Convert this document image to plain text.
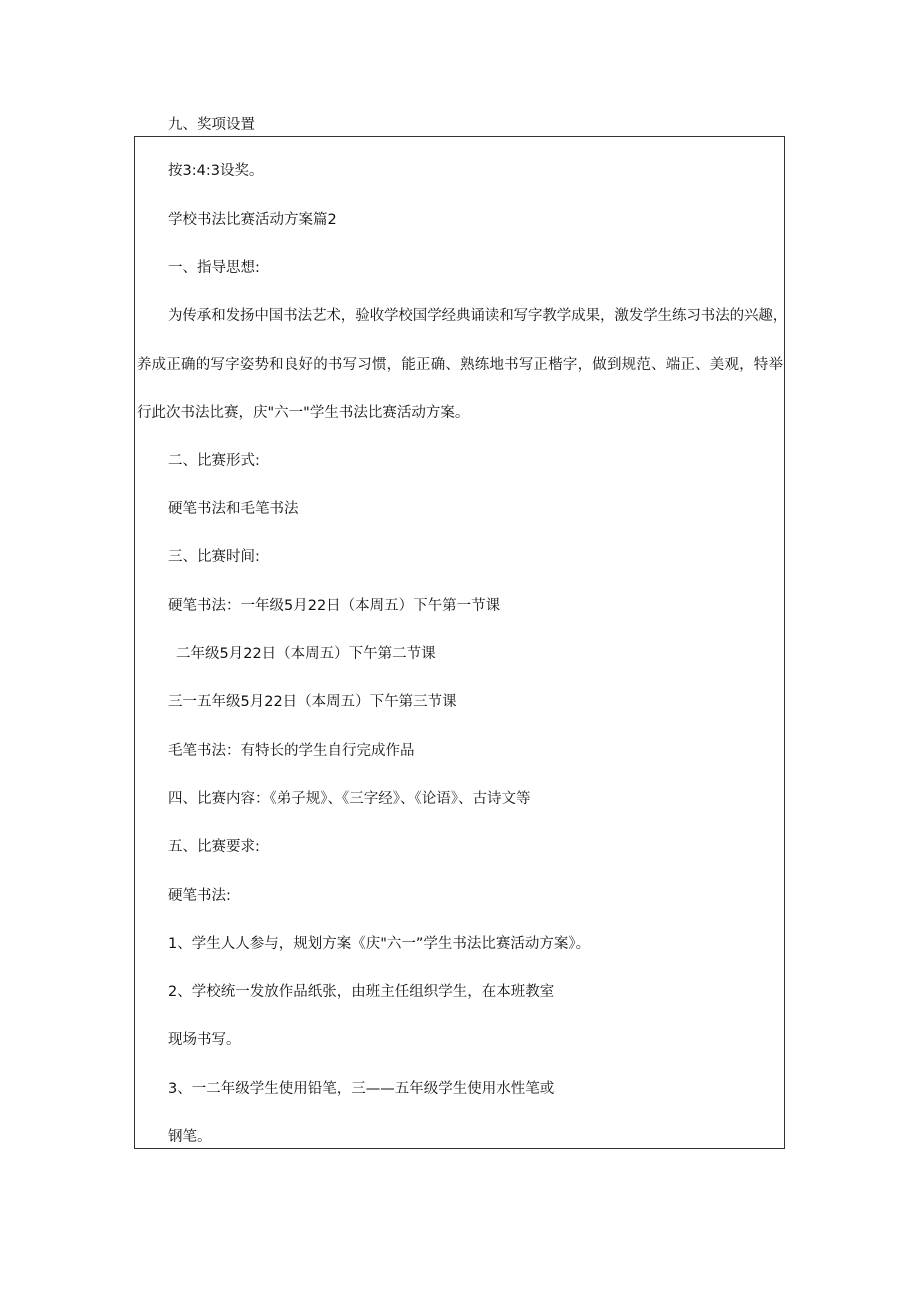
九、奖项设置
按3:4:3设奖。
学校书法比赛活动方案篇2
一、指导思想:
为传承和发扬中国书法艺术，验收学校国学经典诵读和写字教学成果，激发学生练习书法的兴趣，
养成正确的写字姿势和良好的书写习惯，能正确、熟练地书写正楷字，做到规范、端正、美观，特举
行此次书法比赛，庆"六一"学生书法比赛活动方案。
二、比赛形式:
硬笔书法和毛笔书法
三、比赛时间:
硬笔书法：一年级5月22日（本周五）下午第一节课
二年级5月22日（本周五）下午第二节课
三一五年级5月22日（本周五）下午第三节课
毛笔书法：有特长的学生自行完成作品
四、比赛内容：《弟子规》、《三字经》、《论语》、古诗文等
五、比赛要求:
硬笔书法:
1、学生人人参与，规划方案《庆"六一”学生书法比赛活动方案》。
2、学校统一发放作品纸张，由班主任组织学生，在本班教室
现场书写。
3、一二年级学生使用铅笔，三——五年级学生使用水性笔或
钢笔。
